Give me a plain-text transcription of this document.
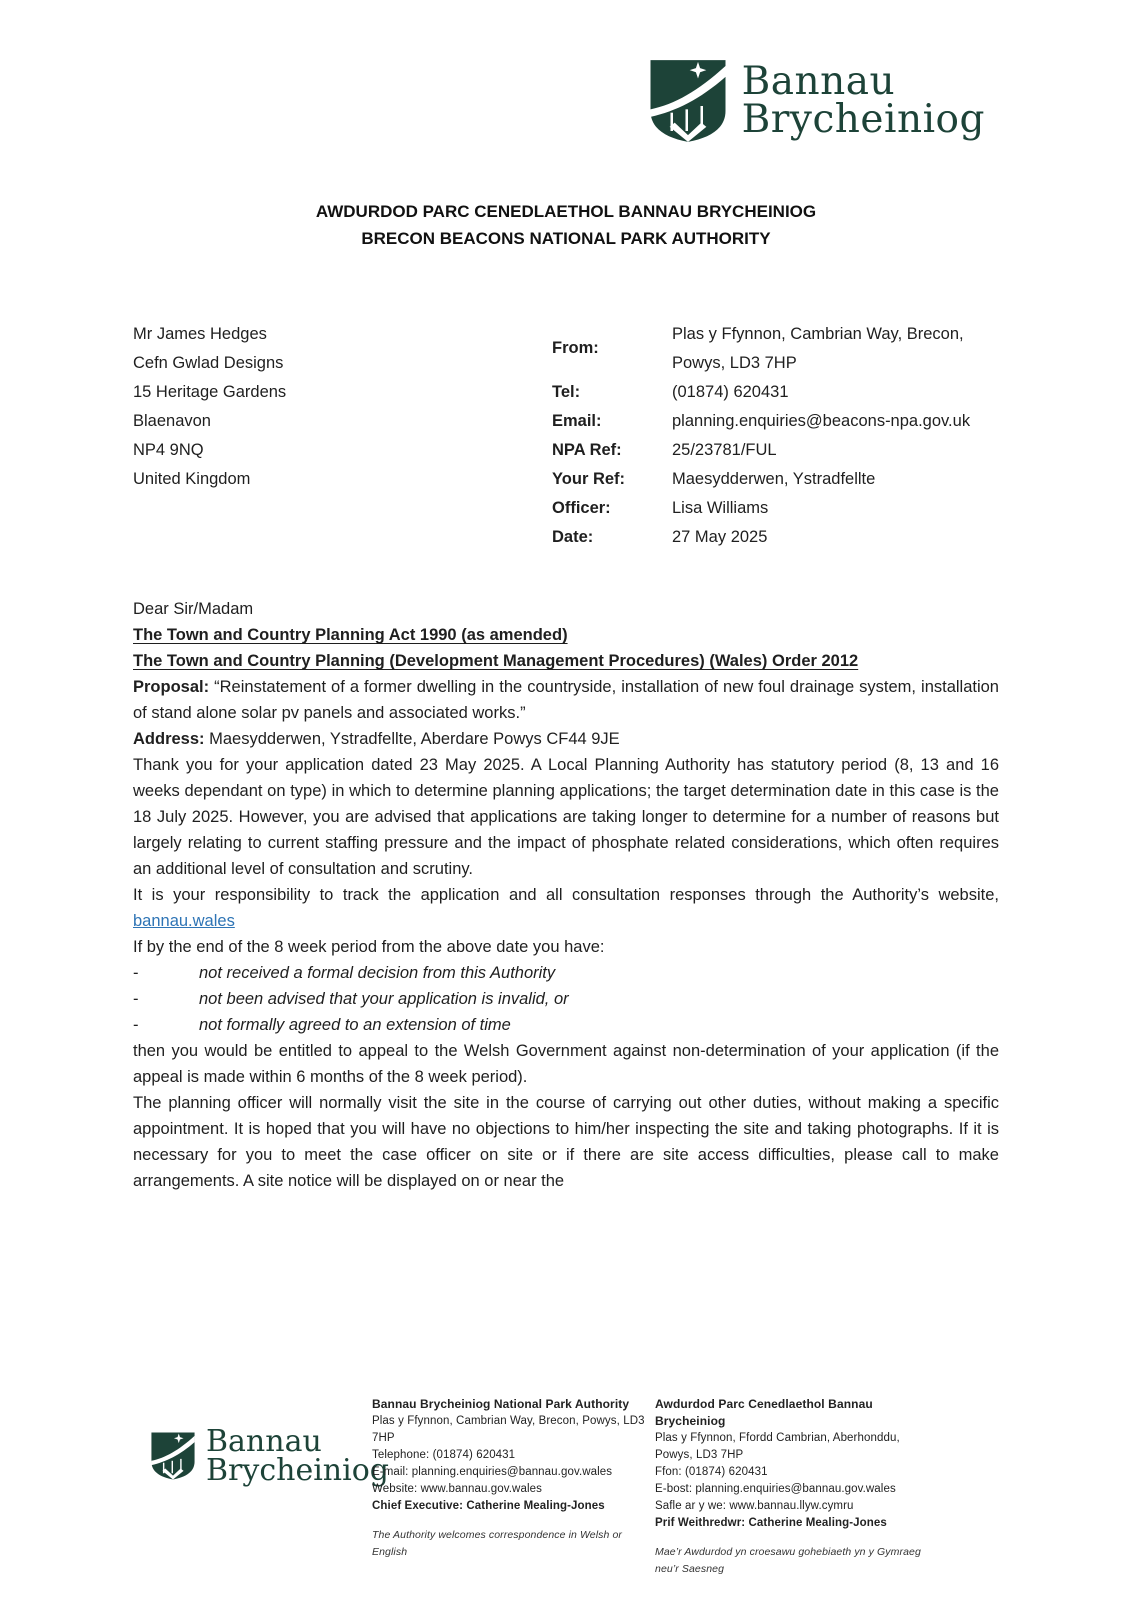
Bannau
Brycheiniog
AWDURDOD PARC CENEDLAETHOL BANNAU BRYCHEINIOG
BRECON BEACONS NATIONAL PARK AUTHORITY
Mr James Hedges
Cefn Gwlad Designs
15 Heritage Gardens
Blaenavon
NP4 9NQ
United Kingdom
From:
Plas y Ffynnon, Cambrian Way, Brecon, Powys, LD3 7HP
Tel:	(01874) 620431
Email:	planning.enquiries@beacons-npa.gov.uk
NPA Ref:	25/23781/FUL
Your Ref:	Maesydderwen, Ystradfellte
Officer:	Lisa Williams
Date:	27 May 2025

Dear Sir/Madam

The Town and Country Planning Act 1990 (as amended)

The Town and Country Planning (Development Management Procedures) (Wales) Order 2012

Proposal: “Reinstatement of a former dwelling in the countryside, installation of new foul drainage system, installation of stand alone solar pv panels and associated works.”

Address: Maesydderwen, Ystradfellte, Aberdare Powys CF44 9JE

Thank you for your application dated 23 May 2025. A Local Planning Authority has statutory period (8, 13 and 16 weeks dependant on type) in which to determine planning applications; the target determination date in this case is the 18 July 2025. However, you are advised that applications are taking longer to determine for a number of reasons but largely relating to current staffing pressure and the impact of phosphate related considerations, which often requires an additional level of consultation and scrutiny.

It is your responsibility to track the application and all consultation responses through the Authority’s website, bannau.wales

If by the end of the 8 week period from the above date you have:

-	not received a formal decision from this Authority
-	not been advised that your application is invalid, or
-	not formally agreed to an extension of time

then you would be entitled to appeal to the Welsh Government against non-determination of your application (if the appeal is made within 6 months of the 8 week period).

The planning officer will normally visit the site in the course of carrying out other duties, without making a specific appointment. It is hoped that you will have no objections to him/her inspecting the site and taking photographs. If it is necessary for you to meet the case officer on site or if there are site access difficulties, please call to make arrangements. A site notice will be displayed on or near the

Bannau
Brycheiniog
Bannau Brycheiniog National Park Authority
Plas y Ffynnon, Cambrian Way, Brecon, Powys, LD3 7HP
Telephone: (01874) 620431
E-mail: planning.enquiries@bannau.gov.wales
Website: www.bannau.gov.wales
Chief Executive: Catherine Mealing-Jones
The Authority welcomes correspondence in Welsh or English
Awdurdod Parc Cenedlaethol Bannau Brycheiniog
Plas y Ffynnon, Ffordd Cambrian, Aberhonddu, Powys, LD3 7HP
Ffon: (01874) 620431
E-bost: planning.enquiries@bannau.gov.wales
Safle ar y we: www.bannau.llyw.cymru
Prif Weithredwr: Catherine Mealing-Jones
Mae’r Awdurdod yn croesawu gohebiaeth yn y Gymraeg neu’r Saesneg
